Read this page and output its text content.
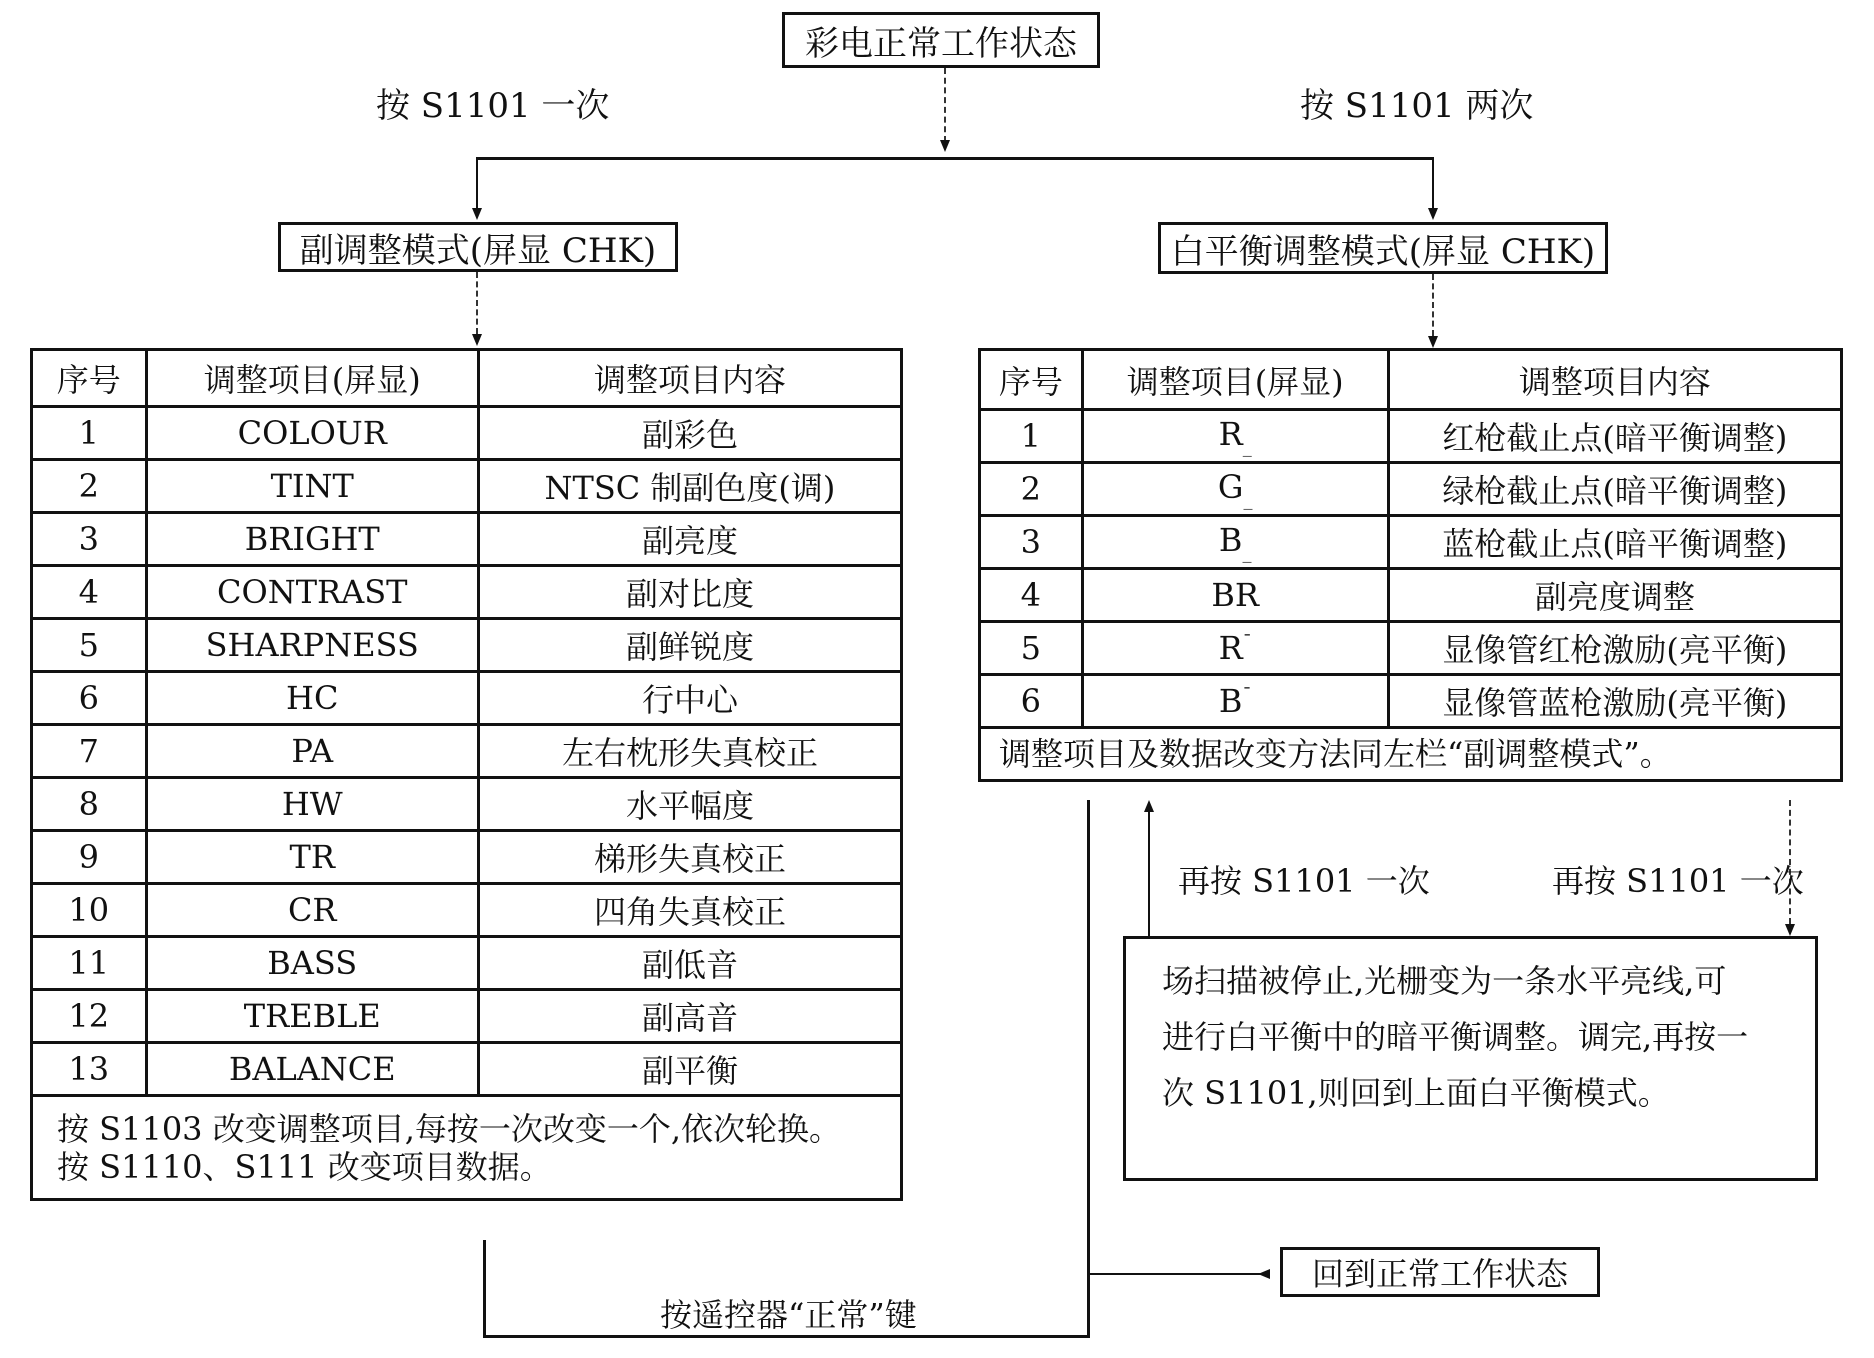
彩电正常工作状态
按 S1101 一次	按 S1101 两次
副调整模式(屏显 CHK)	白平衡调整模式(屏显 CHK)
序号	调整项目(屏显)	调整项目内容
1	COLOUR	副彩色
2	TINT	NTSC 制副色度(调)
3	BRIGHT	副亮度
4	CONTRAST	副对比度
5	SHARPNESS	副鲜锐度
6	HC	行中心
7	PA	左右枕形失真校正
8	HW	水平幅度
9	TR	梯形失真校正
10	CR	四角失真校正
11	BASS	副低音
12	TREBLE	副高音
13	BALANCE	副平衡

按 S1103 改变调整项目,每按一次改变一个,依次轮换。
按 S1110、S111 改变项目数据。		
序号	调整项目(屏显)	调整项目内容
1	$R_{\_}$	红枪截止点(暗平衡调整)
2	$G_{\_}$	绿枪截止点(暗平衡调整)
3	$B_{\_}$	蓝枪截止点(暗平衡调整)
4	BR	副亮度调整
5	R¯	显像管红枪激励(亮平衡)
6	B¯	显像管蓝枪激励(亮平衡)
调整项目及数据改变方法同左栏“副调整模式”。		
再按 S1101 一次	再按 S1101 一次
场扫描被停止,光栅变为一条水平亮线,可
进行白平衡中的暗平衡调整。调完,再按一
次 S1101,则回到上面白平衡模式。
按遥控器“正常”键
回到正常工作状态
